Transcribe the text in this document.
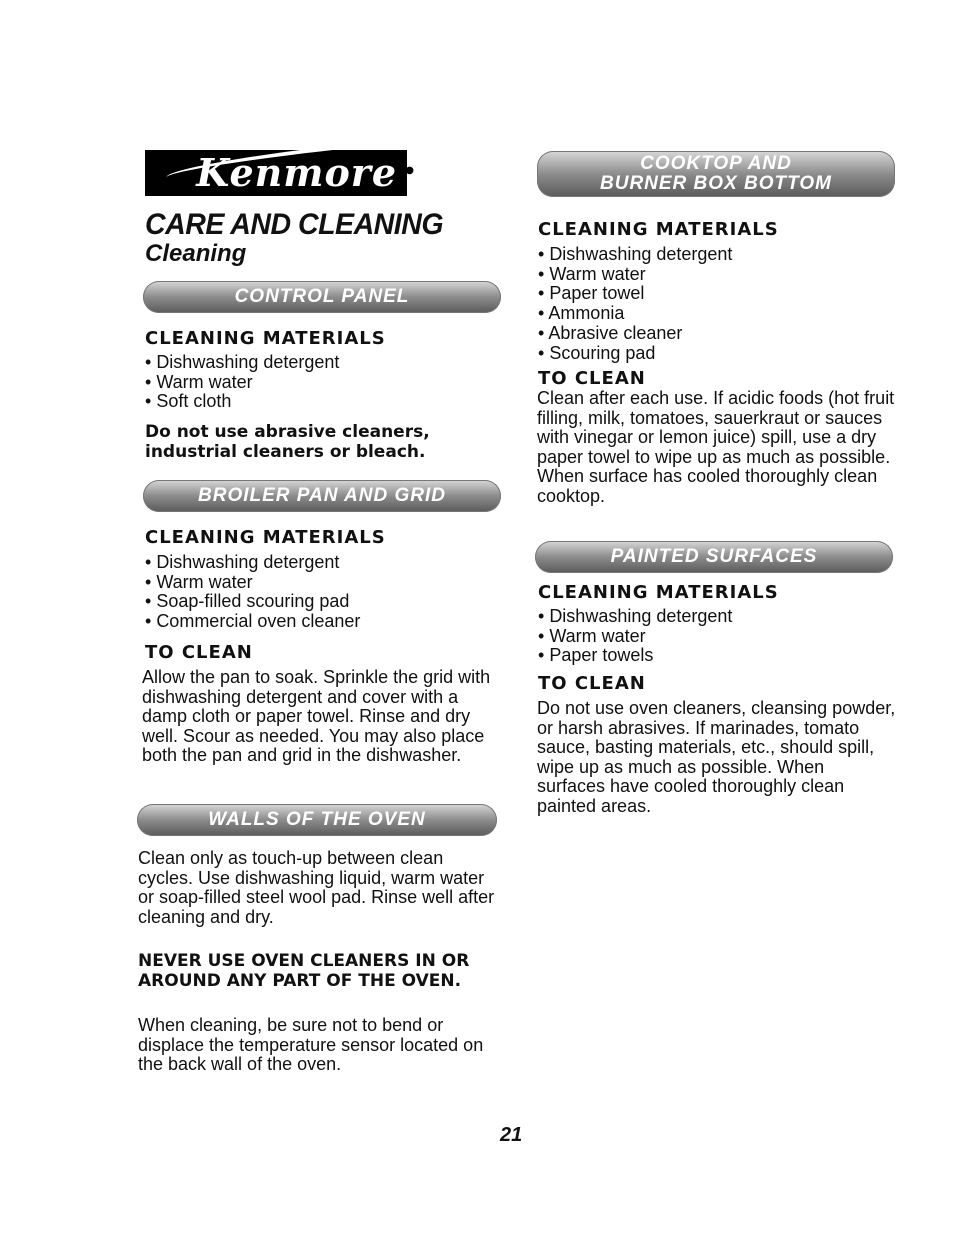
Kenmore ●
CARE AND CLEANING
Cleaning
CONTROL PANEL
CLEANING MATERIALS
• Dishwashing detergent
• Warm water
• Soft cloth
Do not use abrasive cleaners, industrial cleaners or bleach.
BROILER PAN AND GRID
CLEANING MATERIALS
• Dishwashing detergent
• Warm water
• Soap-filled scouring pad
• Commercial oven cleaner
TO CLEAN
Allow the pan to soak. Sprinkle the grid with dishwashing detergent and cover with a damp cloth or paper towel. Rinse and dry well. Scour as needed. You may also place both the pan and grid in the dishwasher.
WALLS OF THE OVEN
Clean only as touch-up between clean cycles. Use dishwashing liquid, warm water or soap-filled steel wool pad. Rinse well after cleaning and dry.
NEVER USE OVEN CLEANERS IN OR AROUND ANY PART OF THE OVEN.
When cleaning, be sure not to bend or displace the temperature sensor located on the back wall of the oven.
COOKTOP AND
BURNER BOX BOTTOM
CLEANING MATERIALS
• Dishwashing detergent
• Warm water
• Paper towel
• Ammonia
• Abrasive cleaner
• Scouring pad
TO CLEAN
Clean after each use. If acidic foods (hot fruit filling, milk, tomatoes, sauerkraut or sauces with vinegar or lemon juice) spill, use a dry paper towel to wipe up as much as possible. When surface has cooled thoroughly clean cooktop.
PAINTED SURFACES
CLEANING MATERIALS
• Dishwashing detergent
• Warm water
• Paper towels
TO CLEAN
Do not use oven cleaners, cleansing powder, or harsh abrasives. If marinades, tomato sauce, basting materials, etc., should spill, wipe up as much as possible. When surfaces have cooled thoroughly clean painted areas.
21
